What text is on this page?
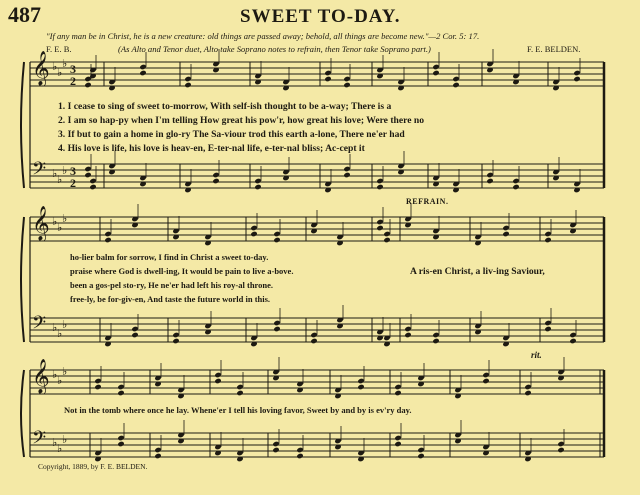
487	SWEET TO-DAY.
"If any man be in Christ, he is a new creature: old things are passed away; behold, all things are become new."—2 Cor. 5: 17.
F. E. B.	(As Alto and Tenor duet, Alto take Soprano notes to refrain, then Tenor take Soprano part.)	F. E. BELDEN.
𝄞
𝄢
♭ ♭
♭
♭ ♭
♭
3
2
3
2
𝄞
𝄢
♭ ♭
♭
♭ ♭
♭
𝄞
𝄢
♭ ♭
♭
♭ ♭
♭
1. I cease to sing of sweet to-morrow, With self-ish thought to be a-way; There is a
2. I am so hap-py when I'm telling How great his pow'r, how great his love; Were there no
3. If but to gain a home in glo-ry The Sa-viour trod this earth a-lone, There ne'er had
4. His love is life, his love is heav-en, E-ter-nal life, e-ter-nal bliss; Ac-cept it
REFRAIN.
ho-lier balm for sorrow, I find in Christ a sweet to-day.
praise where God is dwell-ing, It would be pain to live a-bove.
been a gos-pel sto-ry, He ne'er had left his roy-al throne.
free-ly, be for-giv-en, And taste the future world in this.
A ris-en Christ, a liv-ing Saviour,
rit.
Not in the tomb where once he lay. Whene'er I tell his loving favor, Sweet by and by is ev'ry day.
Copyright, 1889, by F. E. BELDEN.
